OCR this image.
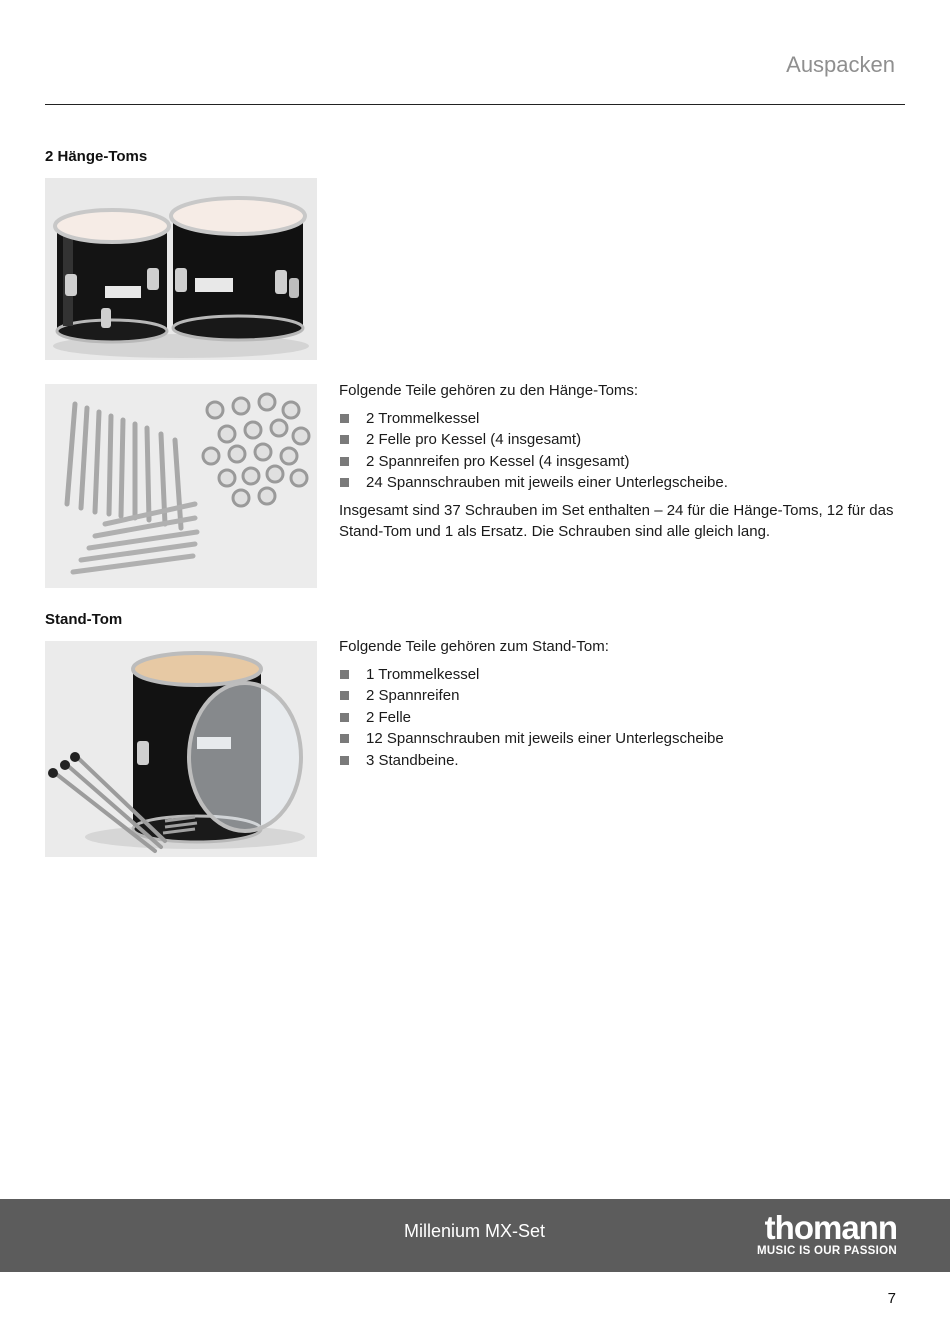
Auspacken
2 Hänge-Toms

Folgende Teile gehören zu den Hänge-Toms:

2 Trommelkessel
2 Felle pro Kessel (4 insgesamt)
2 Spannreifen pro Kessel (4 insgesamt)
24 Spannschrauben mit jeweils einer Unterlegscheibe.

Insgesamt sind 37 Schrauben im Set enthalten – 24 für die Hänge-Toms, 12 für das Stand-Tom und 1 als Ersatz. Die Schrauben sind alle gleich lang.

Stand-Tom

Folgende Teile gehören zum Stand-Tom:

1 Trommelkessel
2 Spannreifen
2 Felle
12 Spannschrauben mit jeweils einer Unterlegscheibe
3 Standbeine.
Millenium MX-Set	thomann
MUSIC IS OUR PASSION
7
